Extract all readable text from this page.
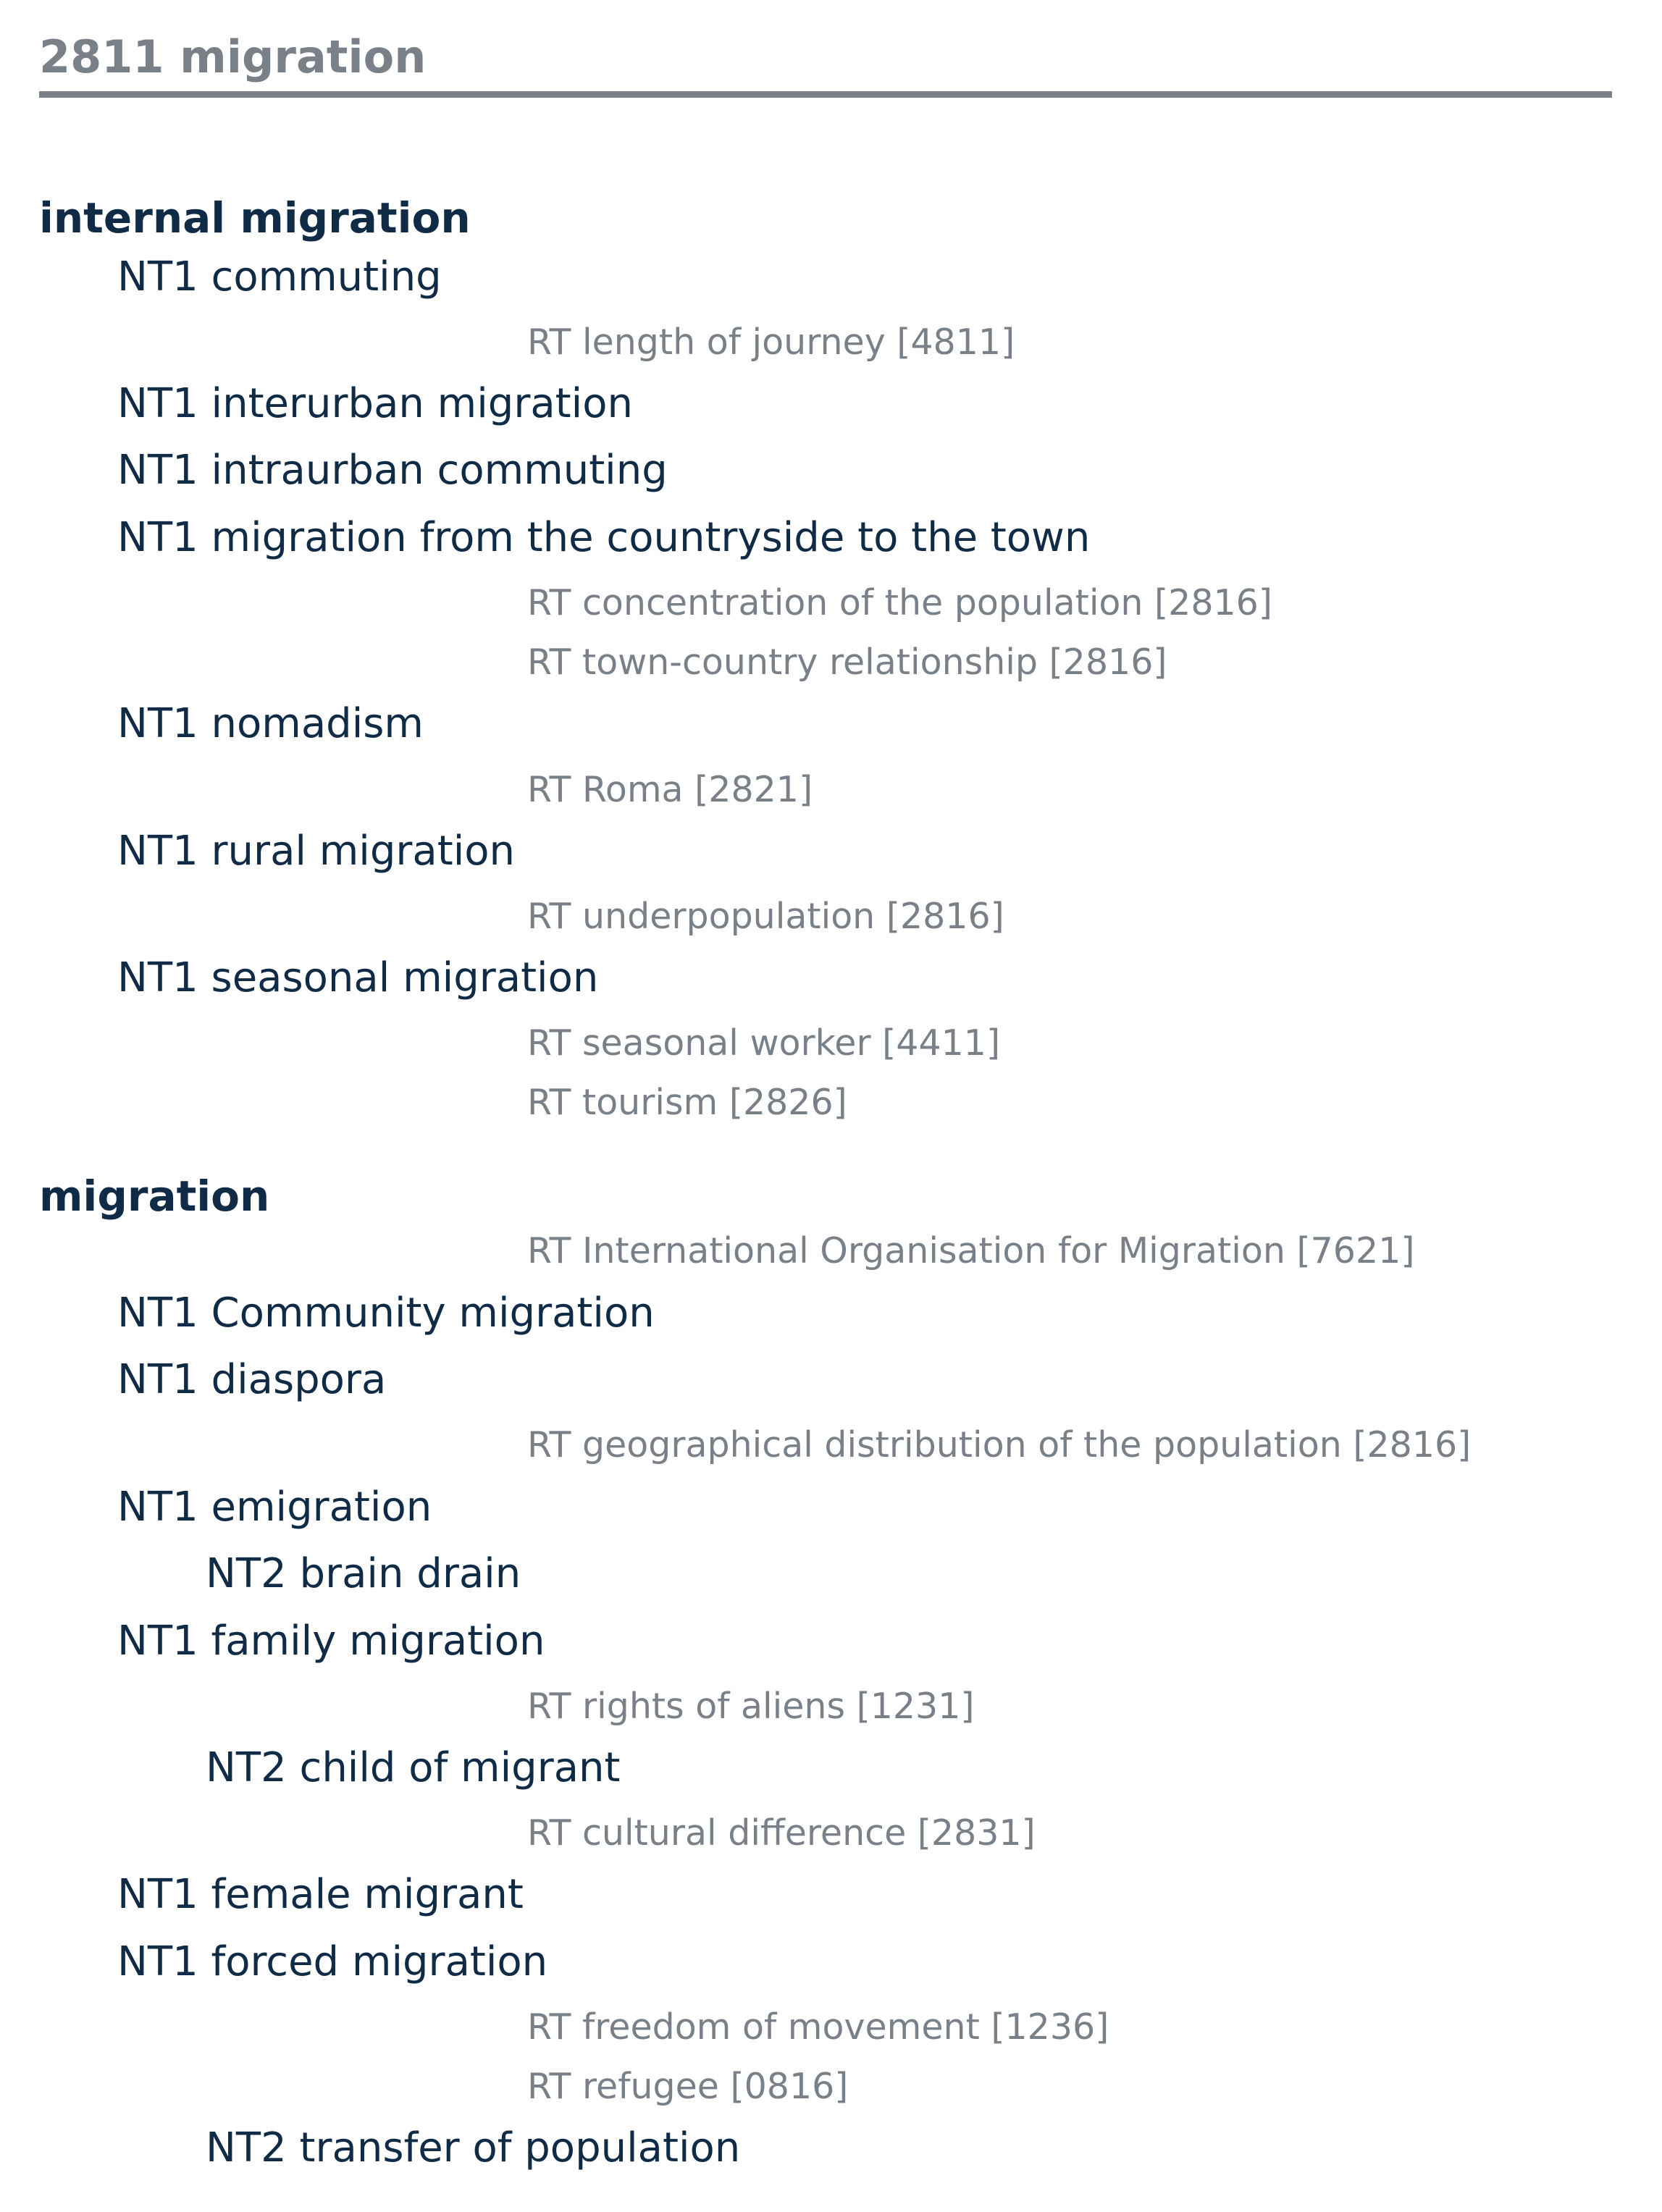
2811 migration
internal migration
NT1 commuting
RT length of journey [4811]
NT1 interurban migration
NT1 intraurban commuting
NT1 migration from the countryside to the town
RT concentration of the population [2816]
RT town-country relationship [2816]
NT1 nomadism
RT Roma [2821]
NT1 rural migration
RT underpopulation [2816]
NT1 seasonal migration
RT seasonal worker [4411]
RT tourism [2826]
migration
RT International Organisation for Migration [7621]
NT1 Community migration
NT1 diaspora
RT geographical distribution of the population [2816]
NT1 emigration
NT2 brain drain
NT1 family migration
RT rights of aliens [1231]
NT2 child of migrant
RT cultural difference [2831]
NT1 female migrant
NT1 forced migration
RT freedom of movement [1236]
RT refugee [0816]
NT2 transfer of population
